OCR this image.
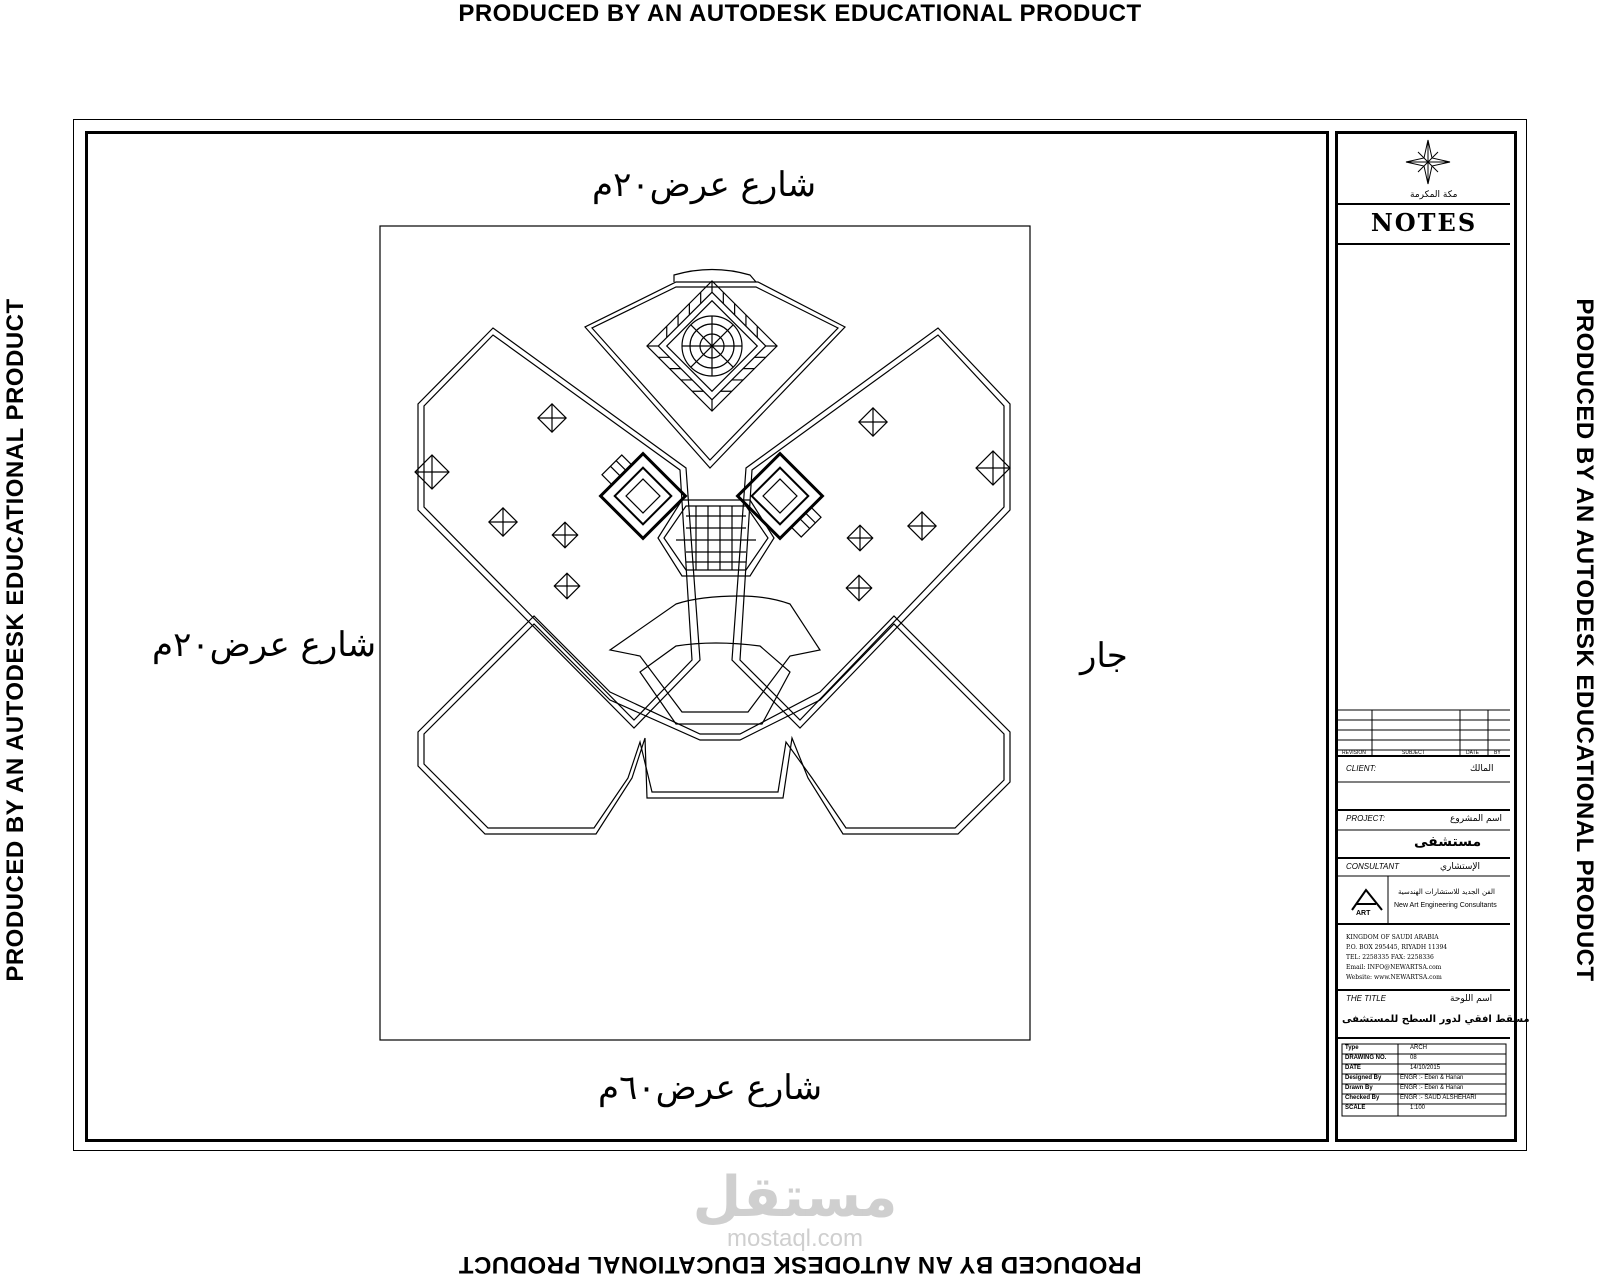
PRODUCED BY AN AUTODESK EDUCATIONAL PRODUCT
PRODUCED BY AN AUTODESK EDUCATIONAL PRODUCT
PRODUCED BY AN AUTODESK EDUCATIONAL PRODUCT	PRODUCED BY AN AUTODESK EDUCATIONAL PRODUCT
شارع عرض٢٠م
شارع عرض٢٠م
شارع عرض٦٠م
جار
مكة المكرمة
NOTES
REVISION	SUBJECT	DATE	BY
CLIENT:	المالك
PROJECT:	اسم المشروع
مستشفى
CONSULTANT	الإستشاري
ART
الفن الجديد للاستشارات الهندسية
New Art Engineering Consultants
KINGDOM OF SAUDI ARABIA
P.O. BOX 295445, RIYADH 11394
TEL: 2258335 FAX: 2258336
Email: INFO@NEWARTSA.com
Website: www.NEWARTSA.com
THE TITLE	اسم اللوحة
مسقط افقي لدور السطح للمستشفى
Type	ARCH
DRAWING NO.	08
DATE	14/10/2015
Designed By	ENGR :- Eben & Hanan
Drawn By	ENGR :- Eben & Hanan
Checked By	ENGR :- SAUD ALSHEHARI
SCALE	1:100
مستقل
mostaql.com
